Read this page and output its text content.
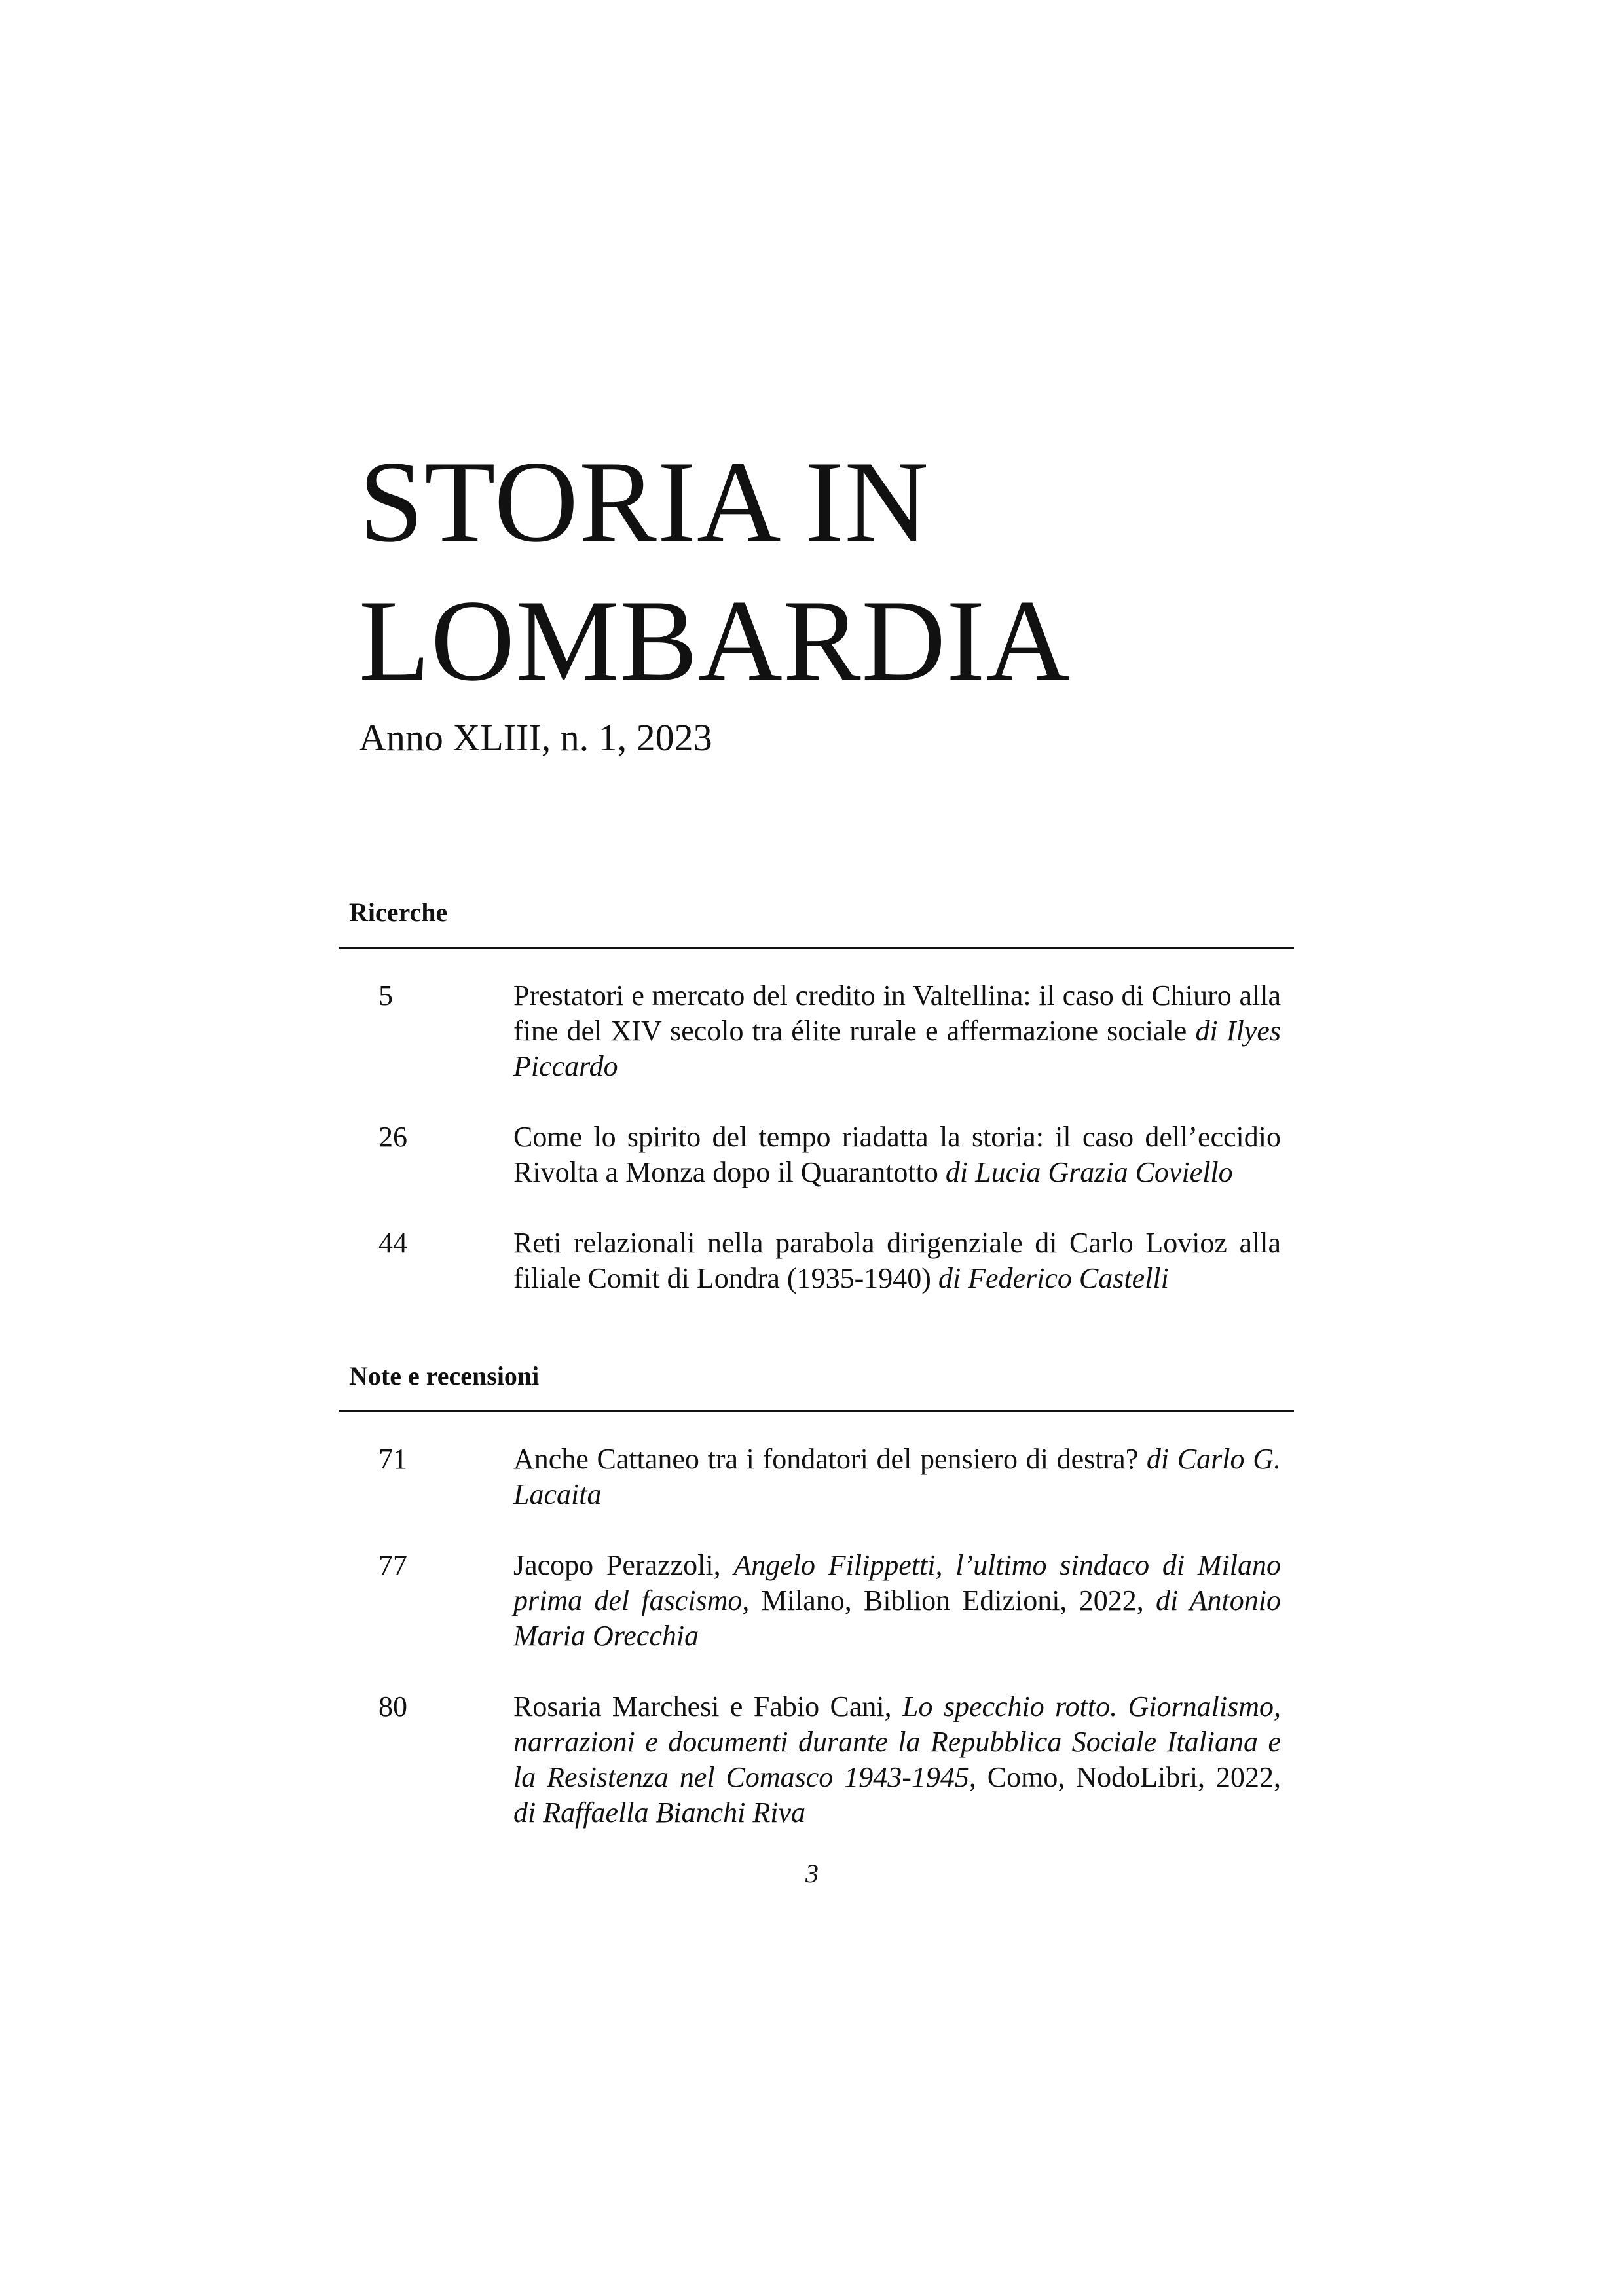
STORIA IN
LOMBARDIA

Anno XLIII, n. 1, 2023

Ricerche
5	Prestatori e mercato del credito in Valtellina: il caso di Chiuro alla fine del XIV secolo tra élite rurale e affermazione sociale di Ilyes Piccardo
26	Come lo spirito del tempo riadatta la storia: il caso dell’eccidio Rivolta a Monza dopo il Quarantotto di Lucia Grazia Coviello
44	Reti relazionali nella parabola dirigenziale di Carlo Lovioz alla filiale Comit di Londra (1935-1940) di Federico Castelli
Note e recensioni
71	Anche Cattaneo tra i fondatori del pensiero di destra? di Carlo G. Lacaita
77	Jacopo Perazzoli, Angelo Filippetti, l’ultimo sindaco di Milano prima del fascismo, Milano, Biblion Edizioni, 2022, di Antonio Maria Orecchia
80	Rosaria Marchesi e Fabio Cani, Lo specchio rotto. Giornalismo, narrazioni e documenti durante la Repubblica Sociale Italiana e la Resistenza nel Comasco 1943-1945, Como, NodoLibri, 2022, di Raffaella Bianchi Riva
3
